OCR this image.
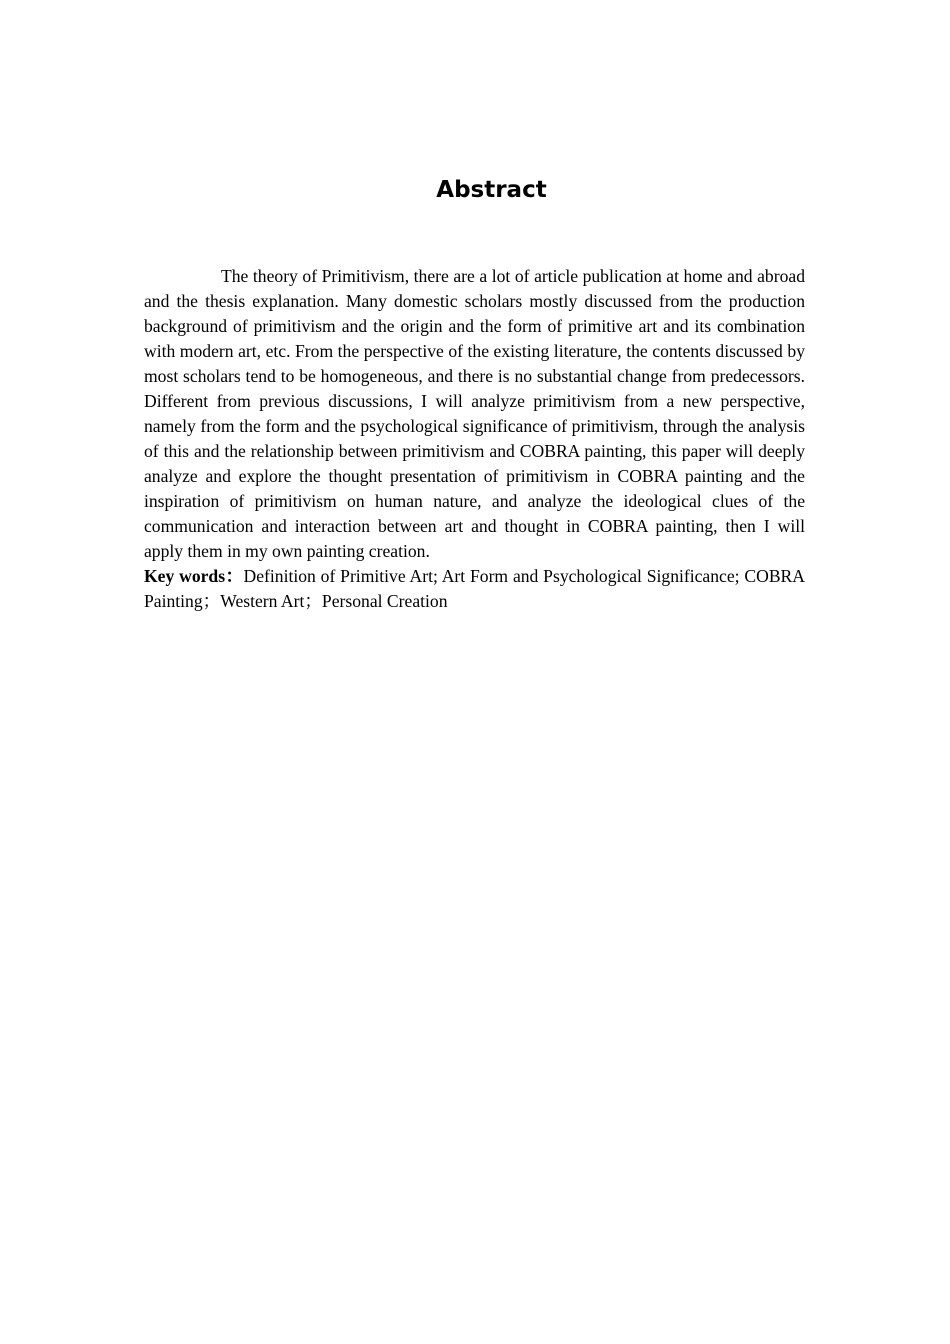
Abstract

The theory of Primitivism, there are a lot of article publication at home and abroad and the thesis explanation. Many domestic scholars mostly discussed from the production background of primitivism and the origin and the form of primitive art and its combination with modern art, etc. From the perspective of the existing literature, the contents discussed by most scholars tend to be homogeneous, and there is no substantial change from predecessors. Different from previous discussions, I will analyze primitivism from a new perspective, namely from the form and the psychological significance of primitivism, through the analysis of this and the relationship between primitivism and COBRA painting, this paper will deeply analyze and explore the thought presentation of primitivism in COBRA painting and the inspiration of primitivism on human nature, and analyze the ideological clues of the communication and interaction between art and thought in COBRA painting, then I will apply them in my own painting creation.

Key words：Definition of Primitive Art; Art Form and Psychological Significance; COBRA Painting；Western Art；Personal Creation
